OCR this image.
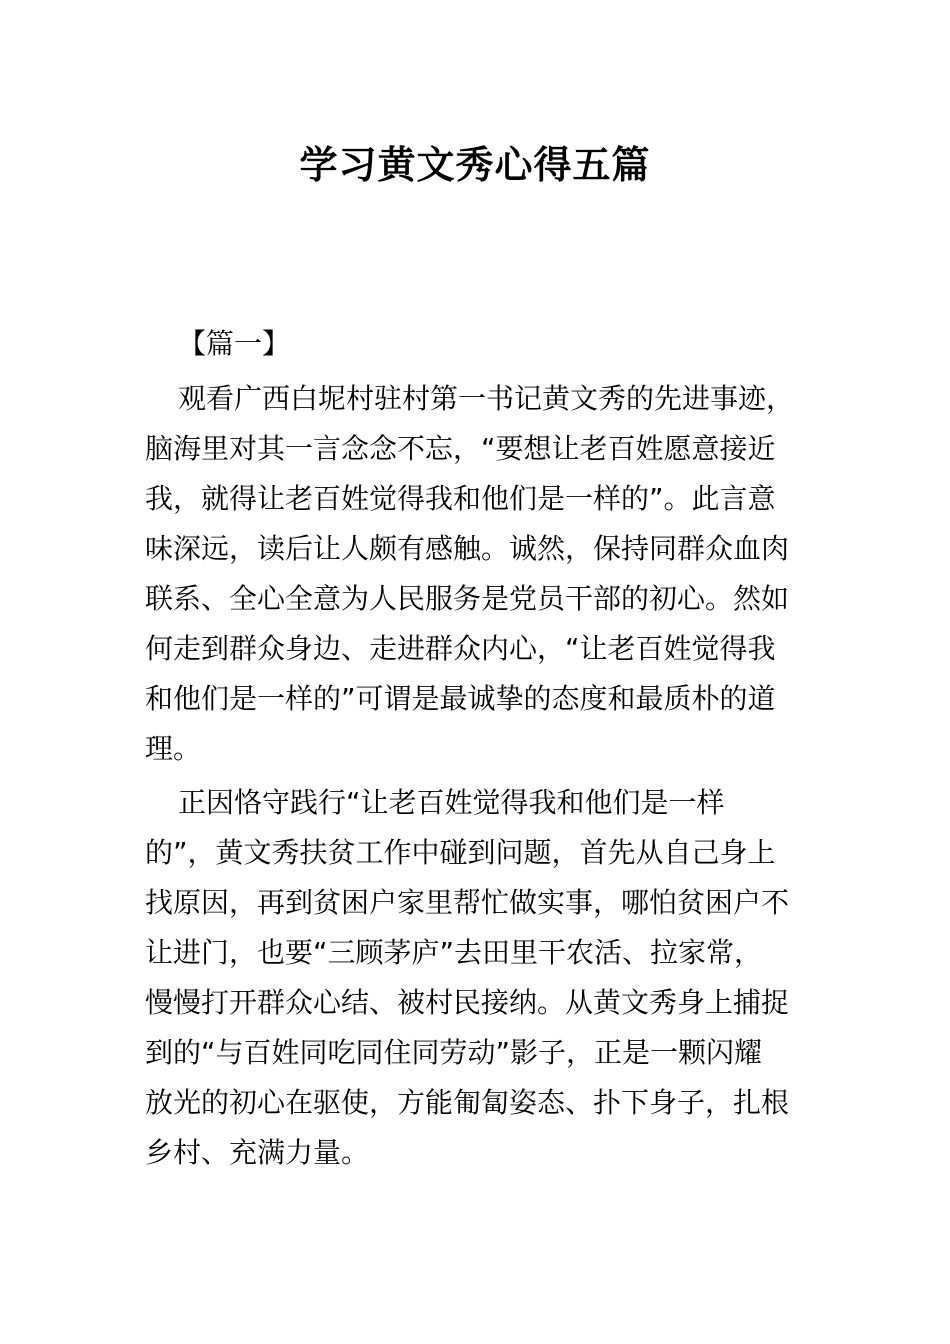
学习黄文秀心得五篇
【篇一】
观看广西白坭村驻村第一书记黄文秀的先进事迹，
脑海里对其一言念念不忘，“要想让老百姓愿意接近
我，就得让老百姓觉得我和他们是一样的”。此言意
味深远，读后让人颇有感触。诚然，保持同群众血肉
联系、全心全意为人民服务是党员干部的初心。然如
何走到群众身边、走进群众内心，“让老百姓觉得我
和他们是一样的”可谓是最诚挚的态度和最质朴的道
理。
正因恪守践行“让老百姓觉得我和他们是一样
的”，黄文秀扶贫工作中碰到问题，首先从自己身上
找原因，再到贫困户家里帮忙做实事，哪怕贫困户不
让进门，也要“三顾茅庐”去田里干农活、拉家常，
慢慢打开群众心结、被村民接纳。从黄文秀身上捕捉
到的“与百姓同吃同住同劳动”影子，正是一颗闪耀
放光的初心在驱使，方能匍匐姿态、扑下身子，扎根
乡村、充满力量。
